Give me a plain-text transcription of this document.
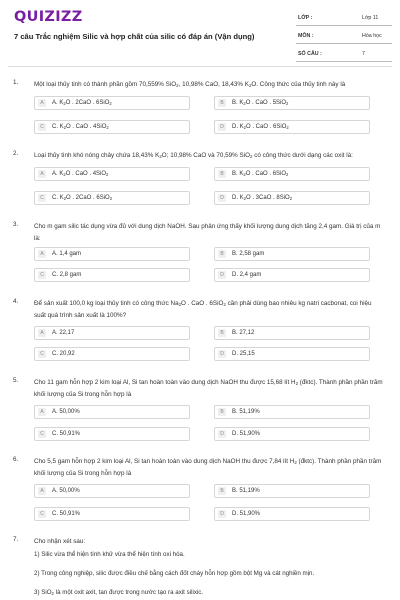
QUIZIZZ
7 câu Trắc nghiệm Silic và hợp chất của silic có đáp án (Vận dụng)
LỚP :	Lớp 11
MÔN :	Hóa học
SỐ CÂU :	7
1. Một loại thủy tinh có thành phần gồm 70,559% SiO$_2$, 10,98% CaO, 18,43% $K_2O$. Công thức của thủy tinh này là
A	A. $K_2O$ . 2CaO . 6SiO$_2$	B	B. $K_2O$ . CaO . 5SiO$_2$
C	C. $K_2O$ . CaO . 4SiO$_2$	D	D. $K_2O$ . CaO . 6SiO$_2$
2. Loại thủy tinh khó nóng chảy chứa 18,43% $K_2O$; 10,98% CaO và 70,59% SiO$_2$ có công thức dưới dạng các oxit là:
A	A. $K_2O$ . CaO . 4SiO$_2$	B	B. $K_2O$ . CaO . 6SiO$_2$
C	C. $K_2O$ . 2CaO . 6SiO$_2$	D	D. $K_2O$ . 3CaO . 8SiO$_2$
3. Cho m gam silic tác dụng vừa đủ với dung dịch NaOH. Sau phản ứng thấy khối lượng dung dịch tăng 2,4 gam. Giá trị của m là:
A	A. 1,4 gam	B	B. 2,58 gam
C	C. 2,8 gam	D	D. 2,4 gam
4. Để sản xuất 100,0 kg loại thủy tinh có công thức $Na_2O$ . CaO . 6SiO$_2$ cần phải dùng bao nhiêu kg natri cacbonat, coi hiệu suất quá trình sản xuất là 100%?
A	A. 22,17	B	B. 27,12
C	C. 20,92	D	D. 25,15
5. Cho 11 gam hỗn hợp 2 kim loại Al, Si tan hoàn toàn vào dung dịch NaOH thu được 15,68 lít $H_2$ (đktc). Thành phần phần trăm khối lượng của Si trong hỗn hợp là
A	A. 50,00%	B	B. 51,19%
C	C. 50,91%	D	D. 51,90%
6. Cho 5,5 gam hỗn hợp 2 kim loại Al, Si tan hoàn toàn vào dung dịch NaOH thu được 7,84 lít $H_2$ (đktc). Thành phần phần trăm khối lượng của Si trong hỗn hợp là
A	A. 50,00%	B	B. 51,19%
C	C. 50,91%	D	D. 51,90%
7. Cho nhận xét sau:
1) Silic vừa thể hiện tính khử vừa thể hiện tính oxi hóa.
2) Trong công nghiệp, silic được điều chế bằng cách đốt cháy hỗn hợp gồm bột Mg và cát nghiền mịn.
3) SiO$_2$ là một oxit axit, tan được trong nước tạo ra axit silixic.
